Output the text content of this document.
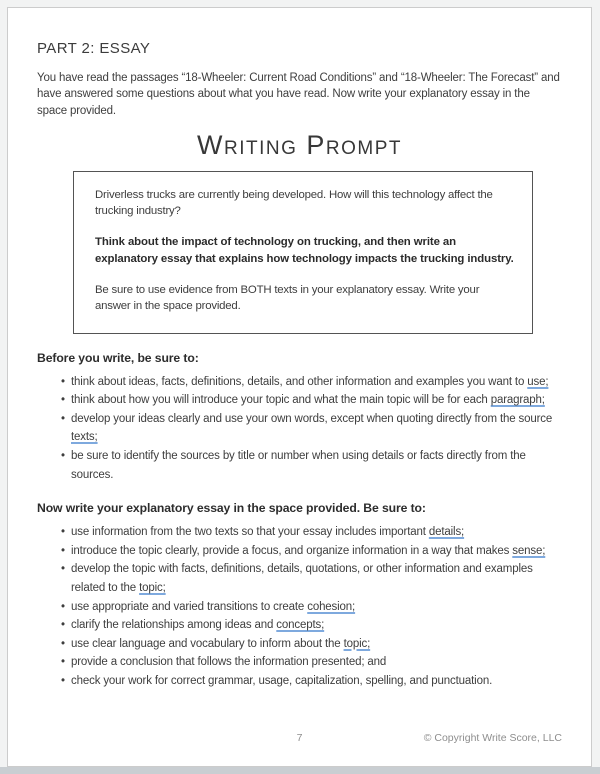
PART 2: ESSAY

You have read the passages “18-Wheeler: Current Road Conditions” and “18-Wheeler: The Forecast” and have answered some questions about what you have read. Now write your explanatory essay in the space provided.

Writing Prompt

Driverless trucks are currently being developed. How will this technology affect the trucking industry?

Think about the impact of technology on trucking, and then write an explanatory essay that explains how technology impacts the trucking industry.

Be sure to use evidence from BOTH texts in your explanatory essay. Write your answer in the space provided.

Before you write, be sure to:
• think about ideas, facts, definitions, details, and other information and examples you want to use;
• think about how you will introduce your topic and what the main topic will be for each paragraph;
• develop your ideas clearly and use your own words, except when quoting directly from the source texts;
• be sure to identify the sources by title or number when using details or facts directly from the sources.
Now write your explanatory essay in the space provided. Be sure to:
• use information from the two texts so that your essay includes important details;
• introduce the topic clearly, provide a focus, and organize information in a way that makes sense;
• develop the topic with facts, definitions, details, quotations, or other information and examples related to the topic;
• use appropriate and varied transitions to create cohesion;
• clarify the relationships among ideas and concepts;
• use clear language and vocabulary to inform about the topic;
• provide a conclusion that follows the information presented; and
• check your work for correct grammar, usage, capitalization, spelling, and punctuation.
7	© Copyright Write Score, LLC
